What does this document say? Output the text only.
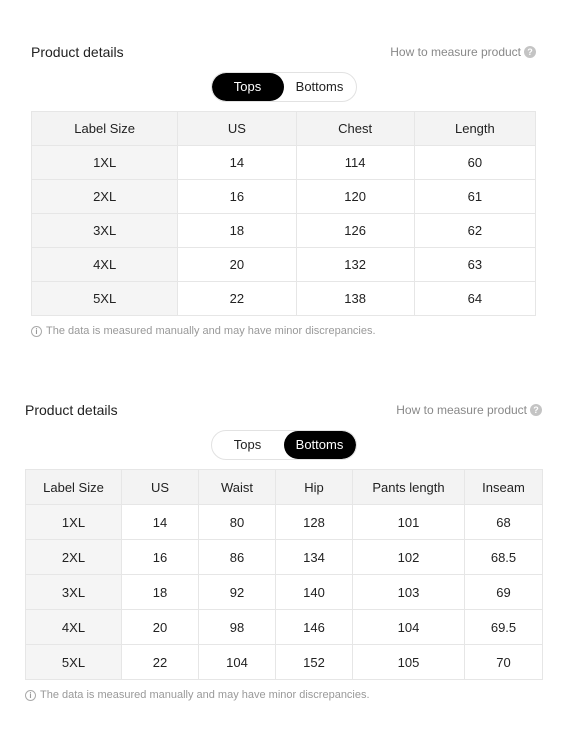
Product details	How to measure product ?
Tops	Bottoms
Label Size	US	Chest	Length
1XL	14	114	60
2XL	16	120	61
3XL	18	126	62
4XL	20	132	63
5XL	22	138	64
i The data is measured manually and may have minor discrepancies.
Product details	How to measure product ?
Tops	Bottoms
Label Size	US	Waist	Hip	Pants length	Inseam
1XL	14	80	128	101	68
2XL	16	86	134	102	68.5
3XL	18	92	140	103	69
4XL	20	98	146	104	69.5
5XL	22	104	152	105	70
i The data is measured manually and may have minor discrepancies.
